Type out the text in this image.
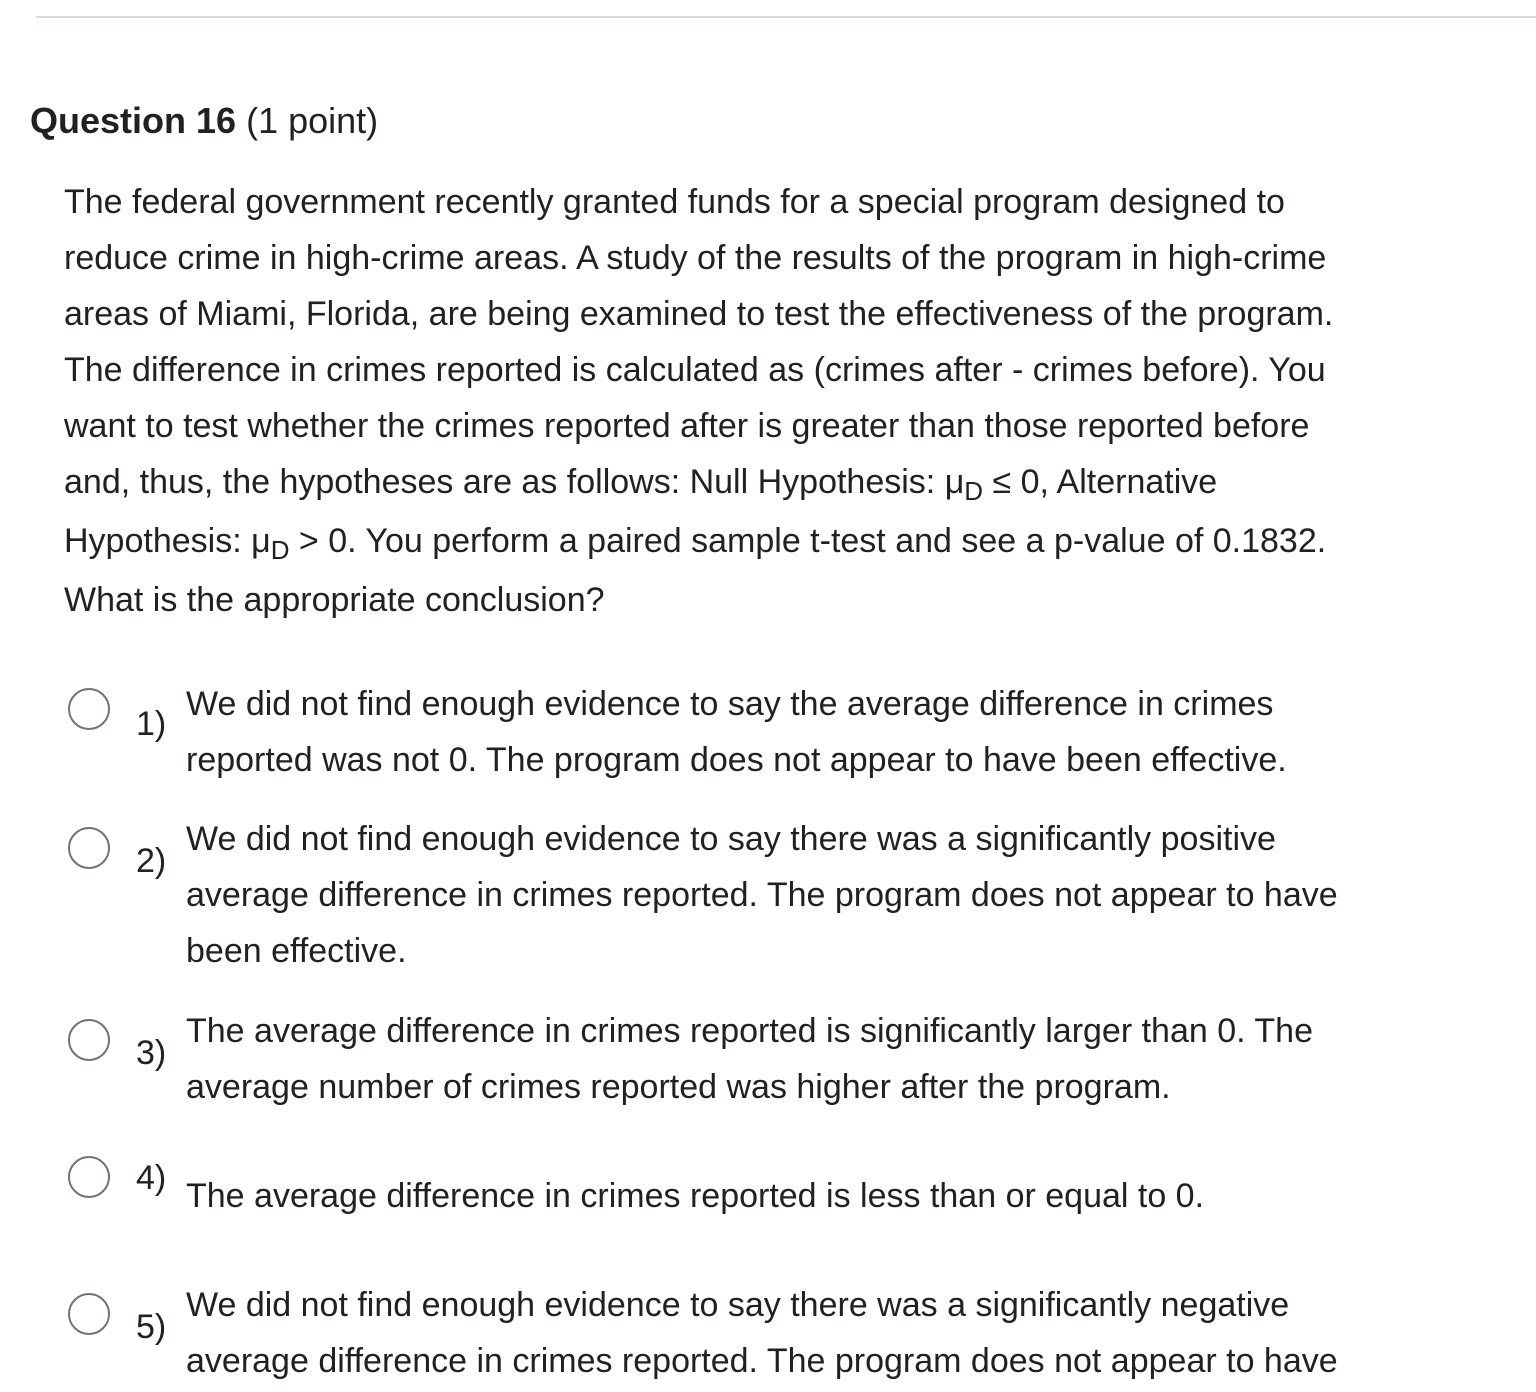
Question 16 (1 point)
The federal government recently granted funds for a special program designed to
reduce crime in high-crime areas. A study of the results of the program in high-crime
areas of Miami, Florida, are being examined to test the effectiveness of the program.
The difference in crimes reported is calculated as (crimes after - crimes before). You
want to test whether the crimes reported after is greater than those reported before
and, thus, the hypotheses are as follows: Null Hypothesis: $\mu_D \le 0$, Alternative
Hypothesis: $\mu_D > 0$. You perform a paired sample t-test and see a p-value of 0.1832.
What is the appropriate conclusion?
1)
We did not find enough evidence to say the average difference in crimes
reported was not 0. The program does not appear to have been effective.
2)
We did not find enough evidence to say there was a significantly positive
average difference in crimes reported. The program does not appear to have
been effective.
3)
The average difference in crimes reported is significantly larger than 0. The
average number of crimes reported was higher after the program.
4) The average difference in crimes reported is less than or equal to 0.
5)
We did not find enough evidence to say there was a significantly negative
average difference in crimes reported. The program does not appear to have
